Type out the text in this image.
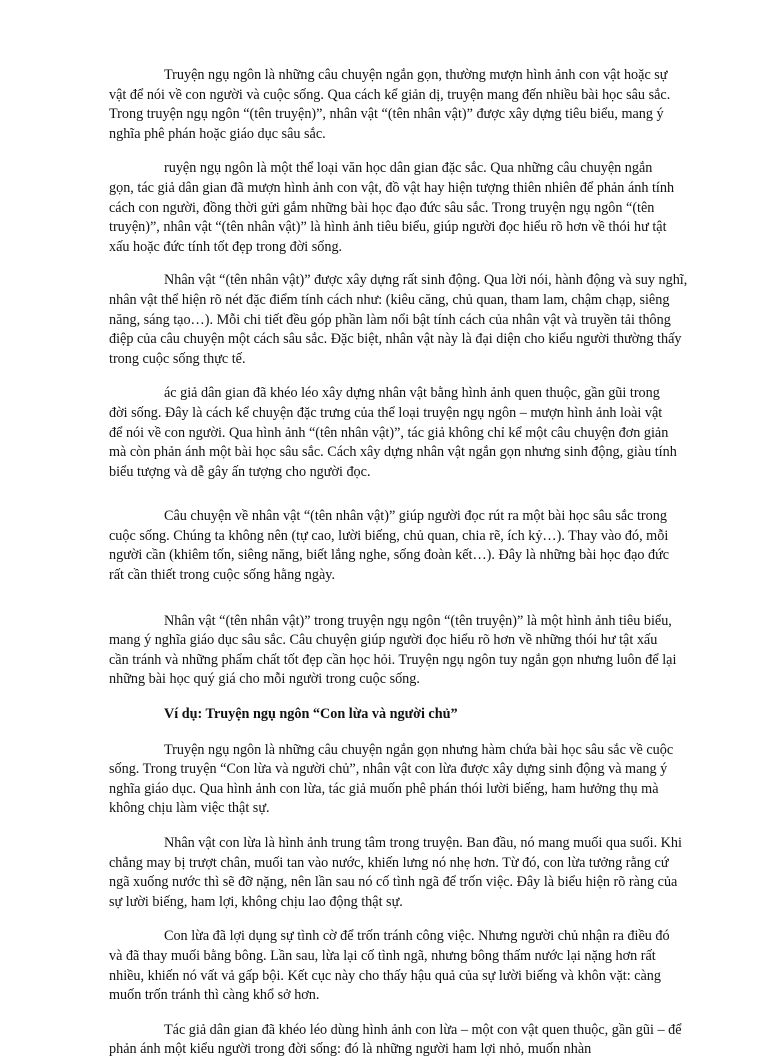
Truyện ngụ ngôn là những câu chuyện ngắn gọn, thường mượn hình ảnh con vật hoặc sự vật để nói về con người và cuộc sống. Qua cách kể giản dị, truyện mang đến nhiều bài học sâu sắc. Trong truyện ngụ ngôn “(tên truyện)”, nhân vật “(tên nhân vật)” được xây dựng tiêu biểu, mang ý nghĩa phê phán hoặc giáo dục sâu sắc.

ruyện ngụ ngôn là một thể loại văn học dân gian đặc sắc. Qua những câu chuyện ngắn gọn, tác giả dân gian đã mượn hình ảnh con vật, đồ vật hay hiện tượng thiên nhiên để phản ánh tính cách con người, đồng thời gửi gắm những bài học đạo đức sâu sắc. Trong truyện ngụ ngôn “(tên truyện)”, nhân vật “(tên nhân vật)” là hình ảnh tiêu biểu, giúp người đọc hiểu rõ hơn về thói hư tật xấu hoặc đức tính tốt đẹp trong đời sống.

Nhân vật “(tên nhân vật)” được xây dựng rất sinh động. Qua lời nói, hành động và suy nghĩ, nhân vật thể hiện rõ nét đặc điểm tính cách như: (kiêu căng, chủ quan, tham lam, chậm chạp, siêng năng, sáng tạo…). Mỗi chi tiết đều góp phần làm nổi bật tính cách của nhân vật và truyền tải thông điệp của câu chuyện một cách sâu sắc. Đặc biệt, nhân vật này là đại diện cho kiểu người thường thấy trong cuộc sống thực tế.

ác giả dân gian đã khéo léo xây dựng nhân vật bằng hình ảnh quen thuộc, gần gũi trong đời sống. Đây là cách kể chuyện đặc trưng của thể loại truyện ngụ ngôn – mượn hình ảnh loài vật để nói về con người. Qua hình ảnh “(tên nhân vật)”, tác giả không chỉ kể một câu chuyện đơn giản mà còn phản ánh một bài học sâu sắc. Cách xây dựng nhân vật ngắn gọn nhưng sinh động, giàu tính biểu tượng và dễ gây ấn tượng cho người đọc.

Câu chuyện về nhân vật “(tên nhân vật)” giúp người đọc rút ra một bài học sâu sắc trong cuộc sống. Chúng ta không nên (tự cao, lười biếng, chủ quan, chia rẽ, ích kỷ…). Thay vào đó, mỗi người cần (khiêm tốn, siêng năng, biết lắng nghe, sống đoàn kết…). Đây là những bài học đạo đức rất cần thiết trong cuộc sống hằng ngày.

Nhân vật “(tên nhân vật)” trong truyện ngụ ngôn “(tên truyện)” là một hình ảnh tiêu biểu, mang ý nghĩa giáo dục sâu sắc. Câu chuyện giúp người đọc hiểu rõ hơn về những thói hư tật xấu cần tránh và những phẩm chất tốt đẹp cần học hỏi. Truyện ngụ ngôn tuy ngắn gọn nhưng luôn để lại những bài học quý giá cho mỗi người trong cuộc sống.

Ví dụ: Truyện ngụ ngôn “Con lừa và người chủ”

Truyện ngụ ngôn là những câu chuyện ngắn gọn nhưng hàm chứa bài học sâu sắc về cuộc sống. Trong truyện “Con lừa và người chủ”, nhân vật con lừa được xây dựng sinh động và mang ý nghĩa giáo dục. Qua hình ảnh con lừa, tác giả muốn phê phán thói lười biếng, ham hưởng thụ mà không chịu làm việc thật sự.

Nhân vật con lừa là hình ảnh trung tâm trong truyện. Ban đầu, nó mang muối qua suối. Khi chẳng may bị trượt chân, muối tan vào nước, khiến lưng nó nhẹ hơn. Từ đó, con lừa tưởng rằng cứ ngã xuống nước thì sẽ đỡ nặng, nên lần sau nó cố tình ngã để trốn việc. Đây là biểu hiện rõ ràng của sự lười biếng, ham lợi, không chịu lao động thật sự.

Con lừa đã lợi dụng sự tình cờ để trốn tránh công việc. Nhưng người chủ nhận ra điều đó và đã thay muối bằng bông. Lần sau, lừa lại cố tình ngã, nhưng bông thấm nước lại nặng hơn rất nhiều, khiến nó vất vả gấp bội. Kết cục này cho thấy hậu quả của sự lười biếng và khôn vặt: càng muốn trốn tránh thì càng khổ sở hơn.

Tác giả dân gian đã khéo léo dùng hình ảnh con lừa – một con vật quen thuộc, gần gũi – để phản ánh một kiểu người trong đời sống: đó là những người ham lợi nhỏ, muốn nhàn
